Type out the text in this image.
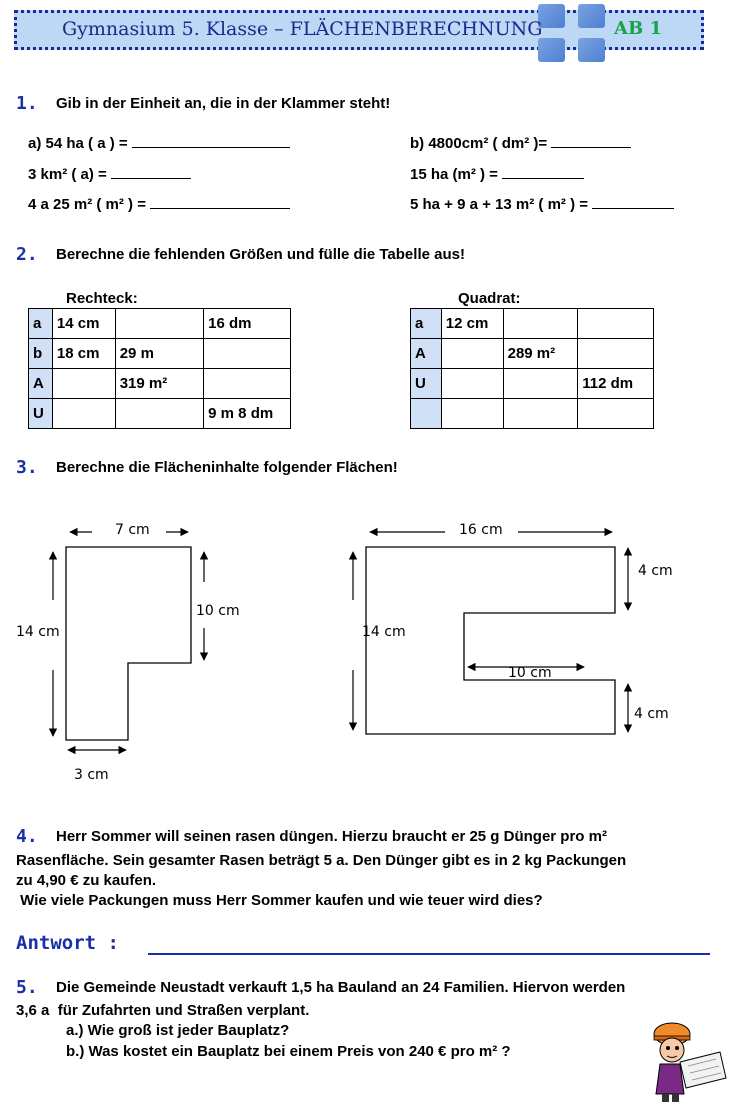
Gymnasium 5. Klasse – FLÄCHENBERECHNUNG	AB 1
1. Gib in der Einheit an, die in der Klammer steht!
a) 54 ha ( a ) =	b) 4800cm² ( dm² )=
3 km² ( a) =	15 ha (m² ) =
4 a 25 m² ( m² ) =	5 ha + 9 a + 13 m² ( m² ) =
2. Berechne die fehlenden Größen und fülle die Tabelle aus!
Rechteck:
a	14 cm		16 dm
b	18 cm	29 m	
A		319 m²	
U			9 m 8 dm
Quadrat:
a	12 cm		
A		289 m²	
U			112 dm

3. Berechne die Flächeninhalte folgender Flächen!
7 cm
10 cm
14 cm
3 cm
16 cm
4 cm
14 cm
10 cm
4 cm
4. Herr Sommer will seinen rasen düngen. Hierzu braucht er 25 g Dünger pro m²
Rasenfläche. Sein gesamter Rasen beträgt 5 a. Den Dünger gibt es in 2 kg Packungen
zu 4,90 € zu kaufen.
Wie viele Packungen muss Herr Sommer kaufen und wie teuer wird dies?
Antwort :
5. Die Gemeinde Neustadt verkauft 1,5 ha Bauland an 24 Familien. Hiervon werden
3,6 a  für Zufahrten und Straßen verplant.
a.) Wie groß ist jeder Bauplatz?
b.) Was kostet ein Bauplatz bei einem Preis von 240 € pro m² ?
